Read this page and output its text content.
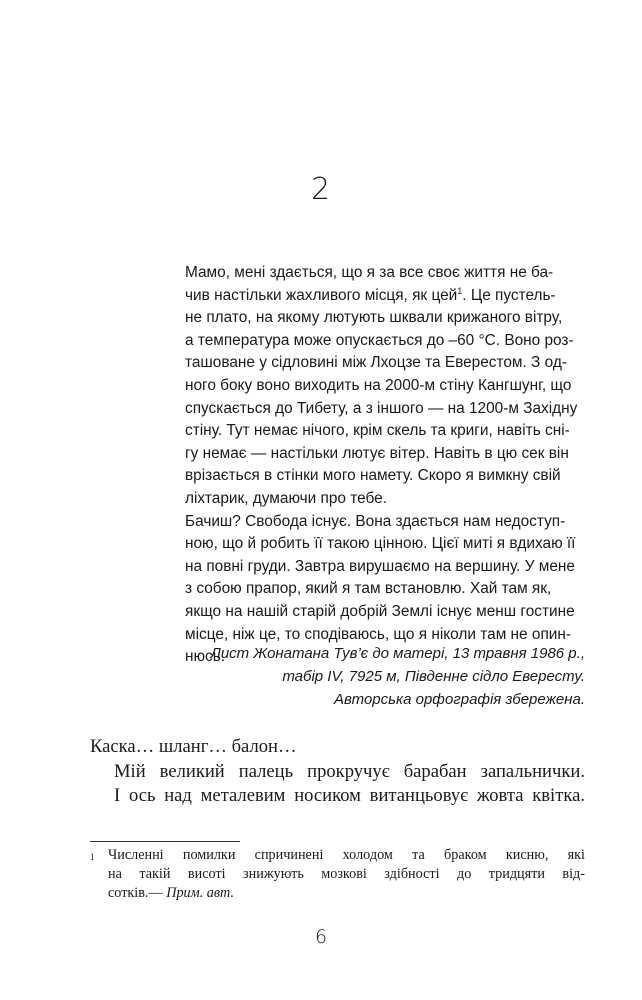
2

Мамо, мені здається, що я за все своє життя не ба-
чив настільки жахливого місця, як цей$^1$. Це пустель-
не плато, на якому лютують шквали крижаного вітру,
а температура може опускається до –60 °C. Воно роз-
ташоване у сідловині між Лхоцзе та Еверестом. З од-
ного боку воно виходить на 2000-м стіну Кангшунг, що
спускається до Тибету, а з іншого — на 1200-м Західну
стіну. Тут немає нічого, крім скель та криги, навіть сні-
гу немає — настільки лютує вітер. Навіть в цю сек він
врізається в стінки мого намету. Скоро я вимкну свій
ліхтарик, думаючи про тебе.

Бачиш? Свобода існує. Вона здається нам недоступ-
ною, що й робить її такою цінною. Цієї миті я вдихаю її
на повні груди. Завтра вирушаємо на вершину. У мене
з собою прапор, який я там встановлю. Хай там як,
якщо на нашій старій добрій Землі існує менш гостине
місце, ніж це, то сподіваюсь, що я ніколи там не опин-
нюсь.

Лист Жонатана Тув’є до матері, 13 травня 1986 р.,
табір IV, 7925 м, Південне сідло Евересту.
Авторська орфографія збережена.
Каска… шланг… балон…
Мій великий палець прокручує барабан запальнички.
І ось над металевим носиком витанцьовує жовта квітка.
1 Численні помилки спричинені холодом та браком кисню, які
на такій висоті знижують мозкові здібності до тридцяти від-
сотків.— Прим. авт.
6
